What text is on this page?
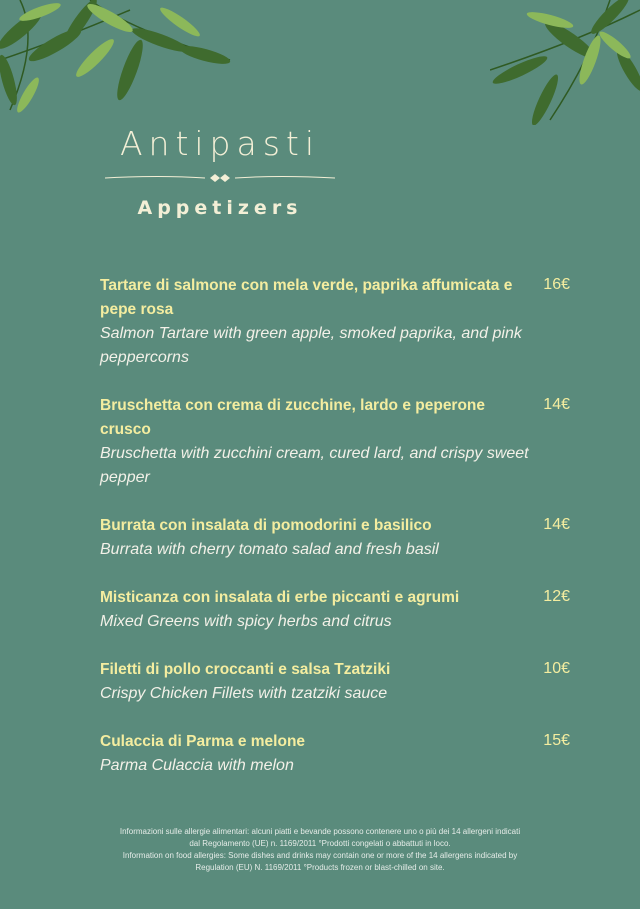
Antipasti
Appetizers

Tartare di salmone con mela verde, paprika affumicata e pepe rosa

Salmon Tartare with green apple, smoked paprika, and pink peppercorns

16€

Bruschetta con crema di zucchine, lardo e peperone crusco

Bruschetta with zucchini cream, cured lard, and crispy sweet pepper

14€

Burrata con insalata di pomodorini e basilico

Burrata with cherry tomato salad and fresh basil

14€

Misticanza con insalata di erbe piccanti e agrumi

Mixed Greens with spicy herbs and citrus

12€

Filetti di pollo croccanti e salsa Tzatziki

Crispy Chicken Fillets with tzatziki sauce

10€

Culaccia di Parma e melone

Parma Culaccia with melon

15€

Informazioni sulle allergie alimentari: alcuni piatti e bevande possono contenere uno o più dei 14 allergeni indicati

dal Regolamento (UE) n. 1169/2011 °Prodotti congelati o abbattuti in loco.

Information on food allergies: Some dishes and drinks may contain one or more of the 14 allergens indicated by

Regulation (EU) N. 1169/2011 °Products frozen or blast-chilled on site.
